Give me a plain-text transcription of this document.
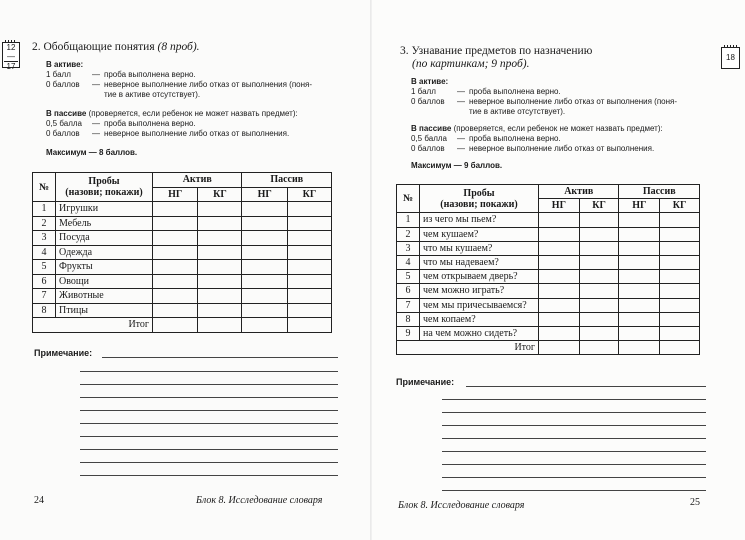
12—
17
2. Обобщающие понятия (8 проб).
В активе:
1 балл	— проба выполнена верно.
0 баллов	— неверное выполнение либо отказ от выполнения (поня-
тие в активе отсутствует).
В пассиве (проверяется, если ребенок не может назвать предмет):
0,5 балла	— проба выполнена верно.
0 баллов	— неверное выполнение либо отказ от выполнения.
Максимум — 8 баллов.
№	Пробы
(назови; покажи)	Актив		Пассив	
		НГ	КГ	НГ	КГ
1	Игрушки				
2	Мебель				
3	Посуда				
4	Одежда				
5	Фрукты				
6	Овощи				
7	Животные				
8	Птицы				
Итог					
Примечание:
24	Блок 8. Исследование словаря
18
3. Узнавание предметов по назначению
(по картинкам; 9 проб).
В активе:
1 балл	— проба выполнена верно.
0 баллов	— неверное выполнение либо отказ от выполнения (поня-
тие в активе отсутствует).
В пассиве (проверяется, если ребенок не может назвать предмет):
0,5 балла	— проба выполнена верно.
0 баллов	— неверное выполнение либо отказ от выполнения.
Максимум — 9 баллов.
№	Пробы
(назови; покажи)	Актив		Пассив	
		НГ	КГ	НГ	КГ
1	из чего мы пьем?				
2	чем кушаем?				
3	что мы кушаем?				
4	что мы надеваем?				
5	чем открываем дверь?				
6	чем можно играть?				
7	чем мы причесываемся?				
8	чем копаем?				
9	на чем можно сидеть?				
Итог					
Примечание:
Блок 8. Исследование словаря	25
